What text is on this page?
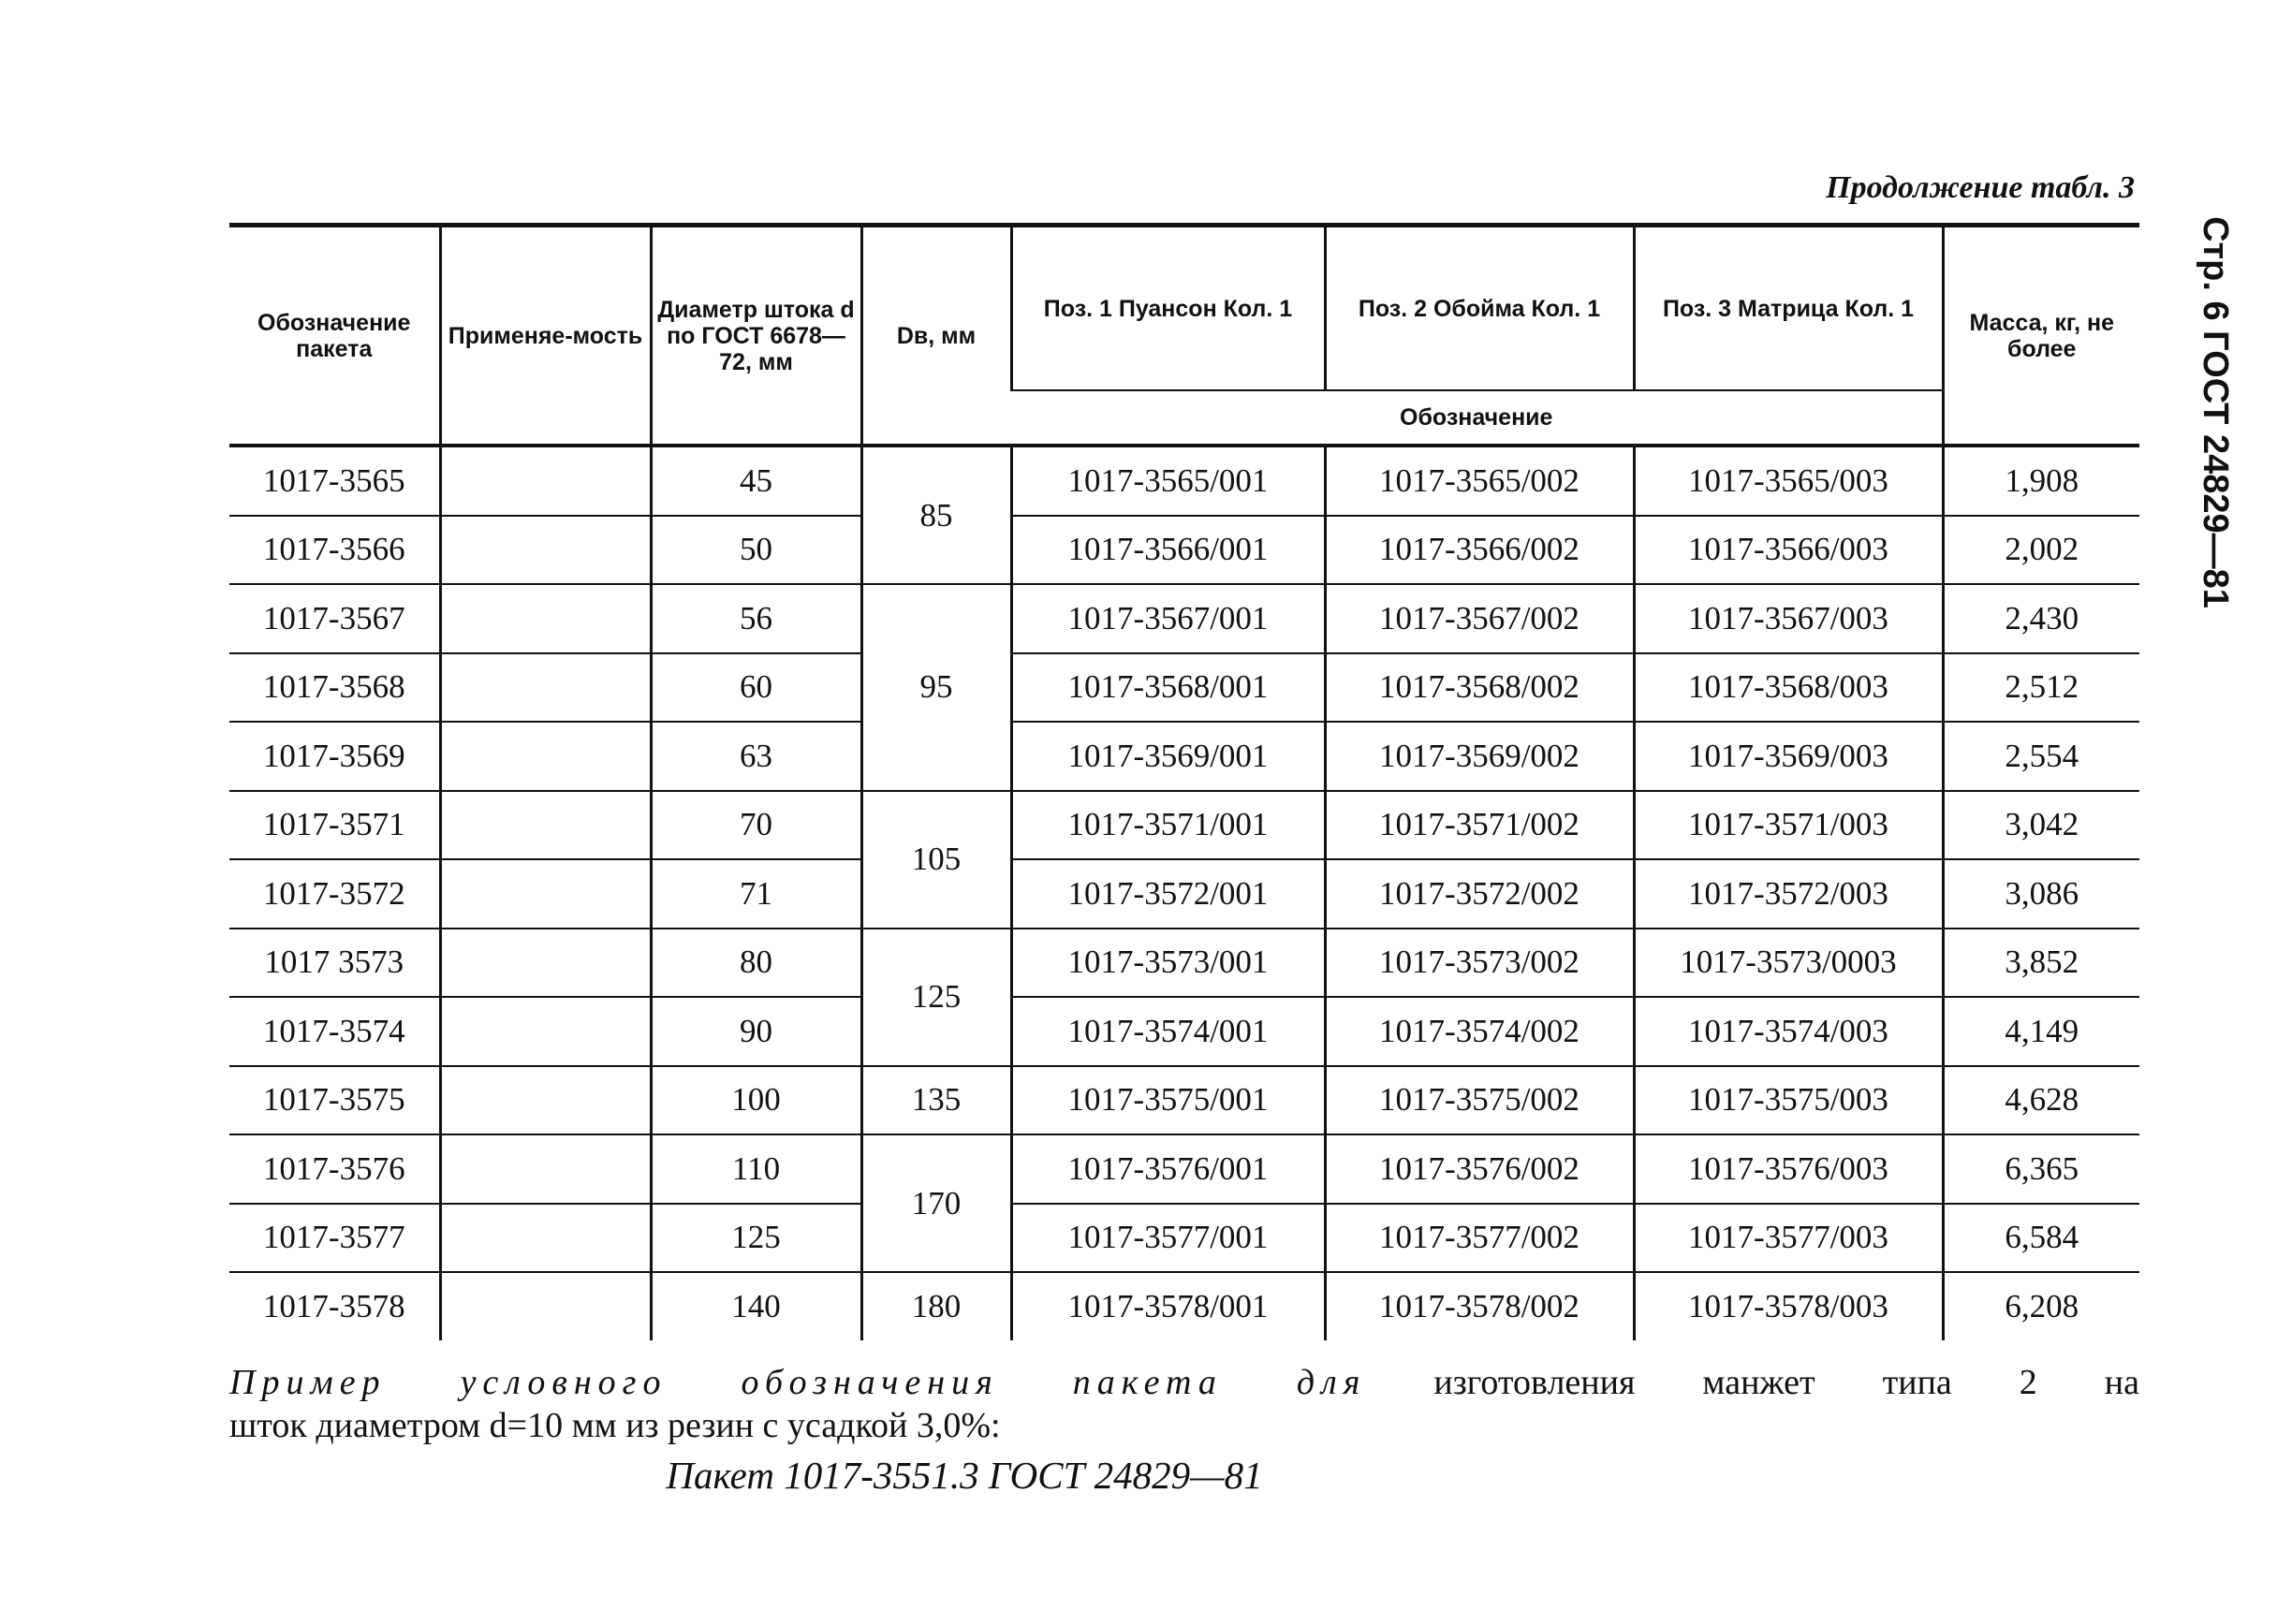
Продолжение табл. 3
Стр. 6 ГОСТ 24829—81
Обозначение пакета	Применяе-мость	Диаметр штока d по ГОСТ 6678—72, мм	Dв, мм	Поз. 1 Пуансон Кол. 1	Поз. 2 Обойма Кол. 1	Поз. 3 Матрица Кол. 1	Масса, кг, не более
				Обозначение			
1017-3565		45	85	1017-3565/001	1017-3565/002	1017-3565/003	1,908
1017-3566		50		1017-3566/001	1017-3566/002	1017-3566/003	2,002
1017-3567		56	95	1017-3567/001	1017-3567/002	1017-3567/003	2,430
1017-3568		60		1017-3568/001	1017-3568/002	1017-3568/003	2,512
1017-3569		63		1017-3569/001	1017-3569/002	1017-3569/003	2,554
1017-3571		70	105	1017-3571/001	1017-3571/002	1017-3571/003	3,042
1017-3572		71		1017-3572/001	1017-3572/002	1017-3572/003	3,086
1017 3573		80	125	1017-3573/001	1017-3573/002	1017-3573/0003	3,852
1017-3574		90		1017-3574/001	1017-3574/002	1017-3574/003	4,149
1017-3575		100	135	1017-3575/001	1017-3575/002	1017-3575/003	4,628
1017-3576		110	170	1017-3576/001	1017-3576/002	1017-3576/003	6,365
1017-3577		125		1017-3577/001	1017-3577/002	1017-3577/003	6,584
1017-3578		140	180	1017-3578/001	1017-3578/002	1017-3578/003	6,208
Пример условного обозначения пакета для изготовления манжет типа 2 на
шток диаметром d=10 мм из резин с усадкой 3,0%:
Пакет 1017-3551.3 ГОСТ 24829—81
